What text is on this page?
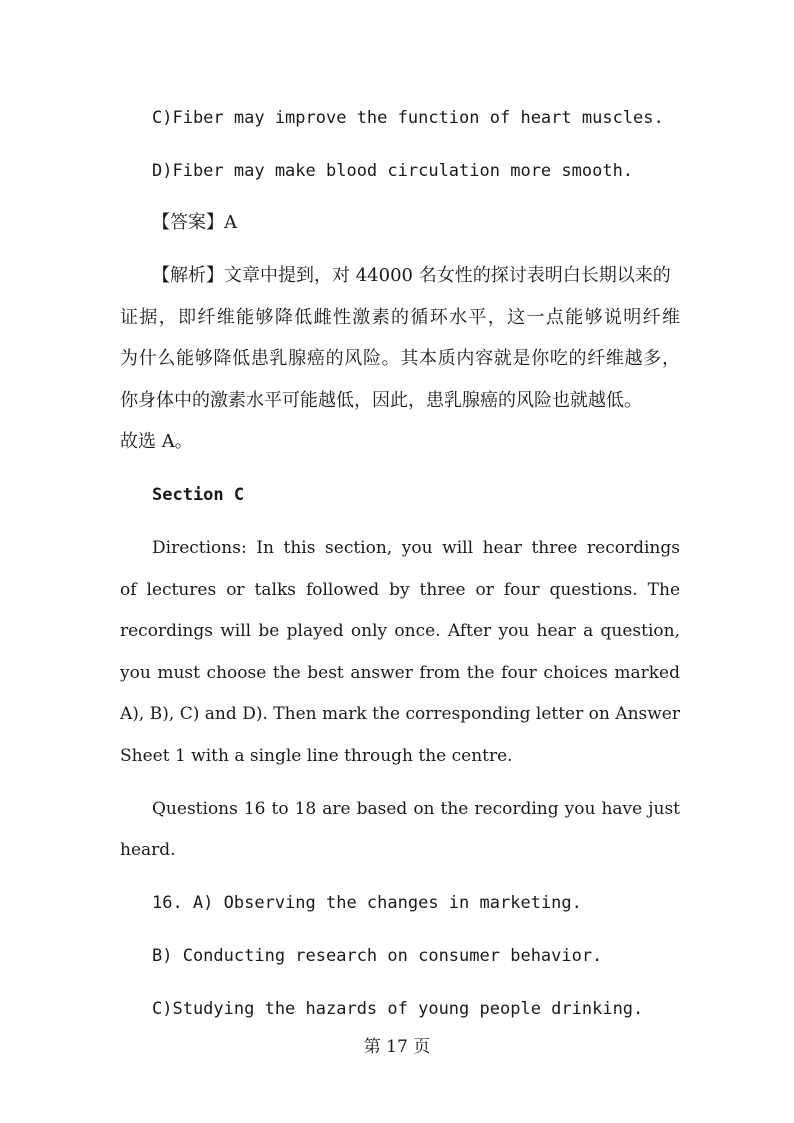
C)Fiber may improve the function of heart muscles.
D)Fiber may make blood circulation more smooth.
【答案】A
【解析】文章中提到，对 44000 名女性的探讨表明白长期以来的
证据，即纤维能够降低雌性激素的循环水平，这一点能够说明纤维
为什么能够降低患乳腺癌的风险。其本质内容就是你吃的纤维越多，
你身体中的激素水平可能越低，因此，患乳腺癌的风险也就越低。
故选 A。
Section C
Directions: In this section, you will hear three recordings
of lectures or talks followed by three or four questions. The
recordings will be played only once. After you hear a question,
you must choose the best answer from the four choices marked
A), B), C) and D). Then mark the corresponding letter on Answer
Sheet 1 with a single line through the centre.
Questions 16 to 18 are based on the recording you have just
heard.
16. A) Observing the changes in marketing.
B) Conducting research on consumer behavior.
C)Studying the hazards of young people drinking.
第 17 页
